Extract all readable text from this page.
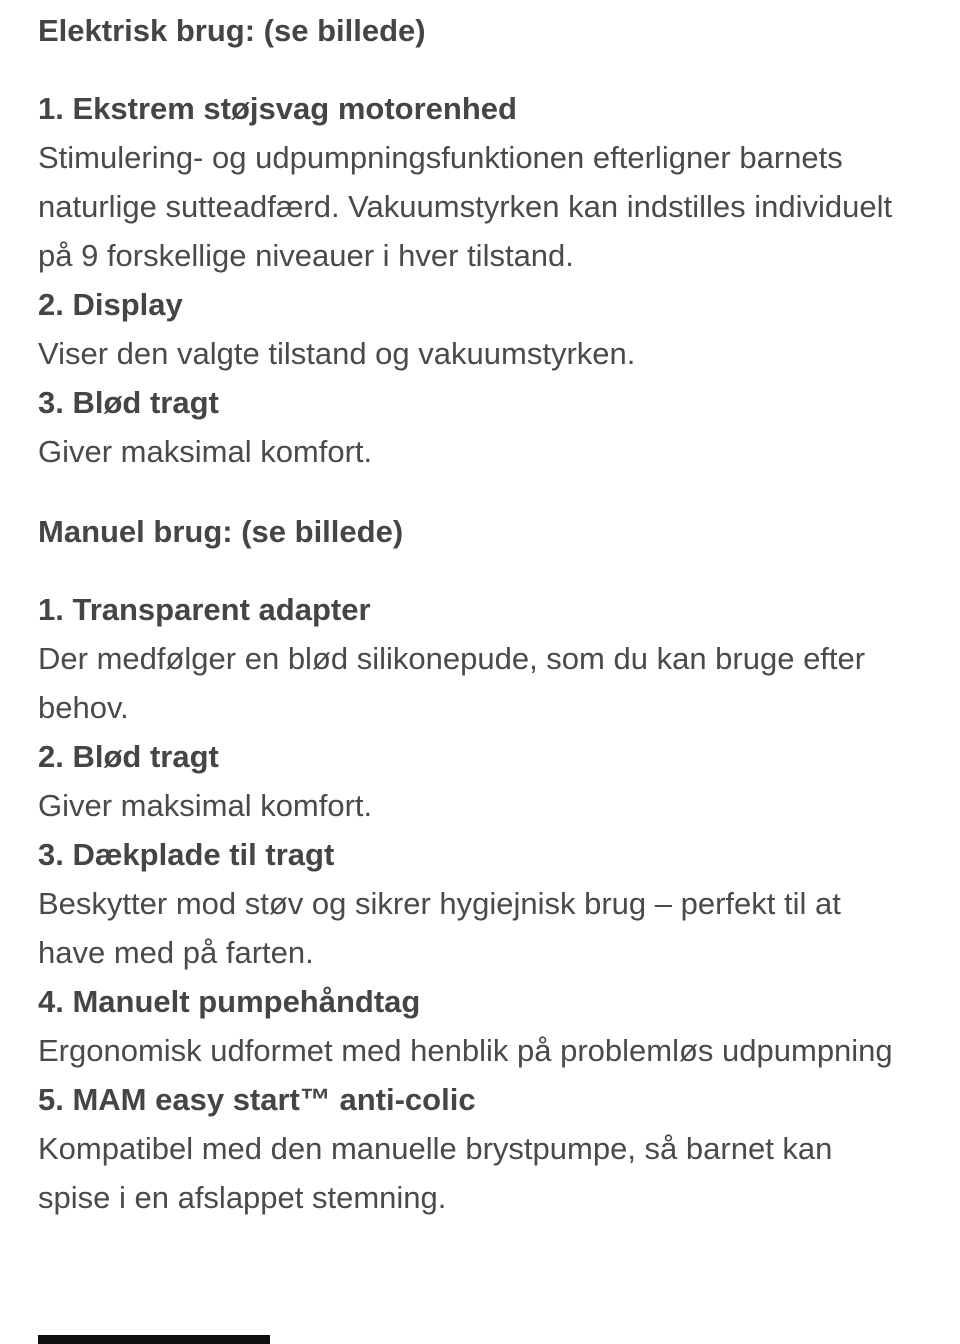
Elektrisk brug: (se billede)
1. Ekstrem støjsvag motorenhed

Stimulering- og udpumpningsfunktionen efterligner barnets naturlige sutteadfærd. Vakuumstyrken kan indstilles individuelt på 9 forskellige niveauer i hver tilstand.

2. Display

Viser den valgte tilstand og vakuumstyrken.

3. Blød tragt

Giver maksimal komfort.

Manuel brug: (se billede)
1. Transparent adapter

Der medfølger en blød silikonepude, som du kan bruge efter behov.

2. Blød tragt

Giver maksimal komfort.

3. Dækplade til tragt

Beskytter mod støv og sikrer hygiejnisk brug – perfekt til at have med på farten.

4. Manuelt pumpehåndtag

Ergonomisk udformet med henblik på problemløs udpumpning

5. MAM easy start™ anti-colic

Kompatibel med den manuelle brystpumpe, så barnet kan spise i en afslappet stemning.
